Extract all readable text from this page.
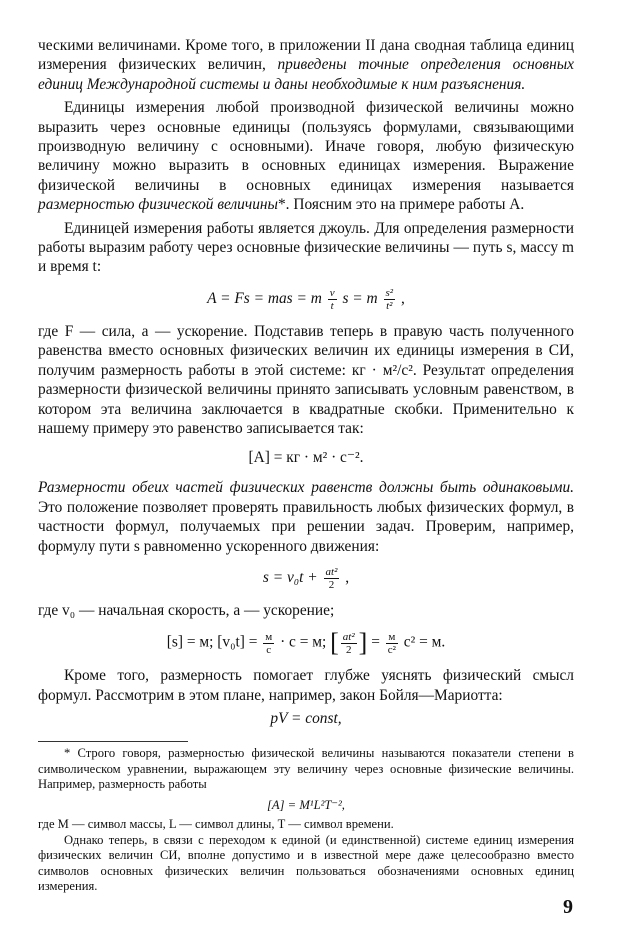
ческими величинами. Кроме того, в приложении II дана сводная таблица единиц измерения физических величин, приведены точные определения основных единиц Международной системы и даны необходимые к ним разъяснения.

Единицы измерения любой производной физической величины можно выразить через основные единицы (пользуясь формулами, связывающими производную величину с основными). Иначе говоря, любую физическую величину можно выразить в основных единицах измерения. Выражение физической величины в основных единицах измерения называется размерностью физической величины*. Поясним это на примере работы A.

Единицей измерения работы является джоуль. Для определения размерности работы выразим работу через основные физические величины — путь s, массу m и время t:

A = Fs = mas = m $\frac{v}{t}$ s = m $\frac{\text{s²}}{\text{t²}}$ ,

где F — сила, a — ускорение. Подставив теперь в правую часть полученного равенства вместо основных физических величин их единицы измерения в СИ, получим размерность работы в этой системе: кг · м²/с². Результат определения размерности физической величины принято записывать условным равенством, в котором эта величина заключается в квадратные скобки. Применительно к нашему примеру это равенство записывается так:

[A] = кг · м² · с⁻².

Размерности обеих частей физических равенств должны быть одинаковыми. Это положение позволяет проверять правильность любых физических формул, в частности формул, получаемых при решении задач. Проверим, например, формулу пути s равноменно ускоренного движения:

$s = v_0t + \frac{\text{at²}}{2}$ ,

где v₀ — начальная скорость, a — ускорение;

[s] = м; $[v_0t] = \frac{м}{с} \cdot с = м$; [ $\frac{\text{at²}}{2}$ ] = $\frac{м}{\text{с²}} с^2 = м$.

Кроме того, размерность помогает глубже уяснять физический смысл формул. Рассмотрим в этом плане, например, закон Бойля—Мариотта:

pV = const,

* Строго говоря, размерностью физической величины называются показатели степени в символическом уравнении, выражающем эту величину через основные физические величины. Например, размерность работы

[A] = M¹L²T⁻²,

где M — символ массы, L — символ длины, T — символ времени.

Однако теперь, в связи с переходом к единой (и единственной) системе единиц измерения физических величин СИ, вполне допустимо и в известной мере даже целесообразно вместо символов основных физических величин пользоваться обозначениями основных единиц измерения.

9
